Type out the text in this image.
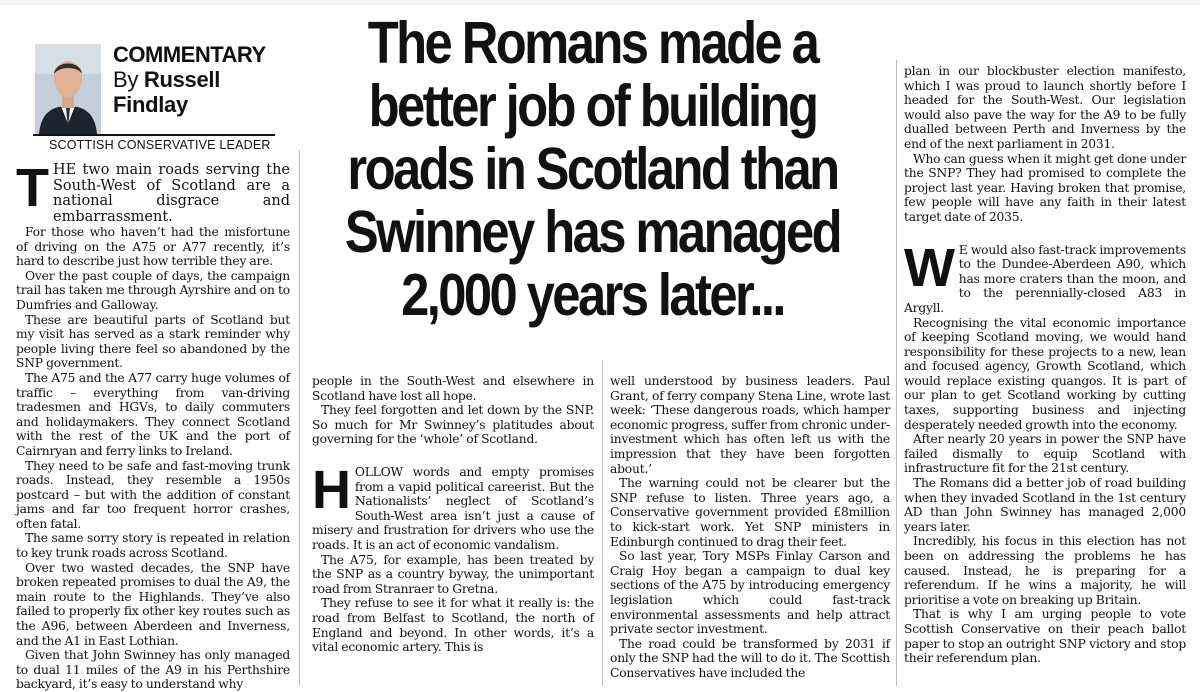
COMMENTARY
By Russell
Findlay
SCOTTISH CONSERVATIVE LEADER
The Romans made a
better job of building
roads in Scotland than
Swinney has managed
2,000 years later...

THE two main roads serving the South-West of Scotland are a national disgrace and embarrassment.

For those who haven’t had the misfortune of driving on the A75 or A77 recently, it’s hard to describe just how terrible they are.

Over the past couple of days, the campaign trail has taken me through Ayrshire and on to Dumfries and Galloway.

These are beautiful parts of Scotland but my visit has served as a stark reminder why people living there feel so abandoned by the SNP government.

The A75 and the A77 carry huge volumes of traffic – everything from van-driving tradesmen and HGVs, to daily commuters and holidaymakers. They connect Scotland with the rest of the UK and the port of Cairnryan and ferry links to Ireland.

They need to be safe and fast-moving trunk roads. Instead, they resemble a 1950s postcard – but with the addition of constant jams and far too frequent horror crashes, often fatal.

The same sorry story is repeated in relation to key trunk roads across Scotland.

Over two wasted decades, the SNP have broken repeated promises to dual the A9, the main route to the Highlands. They’ve also failed to properly fix other key routes such as the A96, between Aberdeen and Inverness, and the A1 in East Lothian.

Given that John Swinney has only managed to dual 11 miles of the A9 in his Perthshire backyard, it’s easy to understand why

people in the South-West and elsewhere in Scotland have lost all hope.

They feel forgotten and let down by the SNP. So much for Mr Swinney’s platitudes about governing for the ‘whole’ of Scotland.

HOLLOW words and empty promises from a vapid political careerist. But the Nationalists’ neglect of Scotland’s South-West area isn’t just a cause of misery and frustration for drivers who use the roads. It is an act of economic vandalism.

The A75, for example, has been treated by the SNP as a country byway, the unimportant road from Stranraer to Gretna.

They refuse to see it for what it really is: the road from Belfast to Scotland, the north of England and beyond. In other words, it’s a vital economic artery. This is

well understood by business leaders. Paul Grant, of ferry company Stena Line, wrote last week: ‘These dangerous roads, which hamper economic progress, suffer from chronic under-investment which has often left us with the impression that they have been forgotten about.’

The warning could not be clearer but the SNP refuse to listen. Three years ago, a Conservative government provided £8million to kick-start work. Yet SNP ministers in Edinburgh continued to drag their feet.

So last year, Tory MSPs Finlay Carson and Craig Hoy began a campaign to dual key sections of the A75 by introducing emergency legislation which could fast-track environmental assessments and help attract private sector investment.

The road could be transformed by 2031 if only the SNP had the will to do it. The Scottish Conservatives have included the

plan in our blockbuster election manifesto, which I was proud to launch shortly before I headed for the South-West. Our legislation would also pave the way for the A9 to be fully dualled between Perth and Inverness by the end of the next parliament in 2031.

Who can guess when it might get done under the SNP? They had promised to complete the project last year. Having broken that promise, few people will have any faith in their latest target date of 2035.

W E would also fast-track improvements to the Dundee-Aberdeen A90, which has more craters than the moon, and to the perennially-closed A83 in Argyll.

Recognising the vital economic importance of keeping Scotland moving, we would hand responsibility for these projects to a new, lean and focused agency, Growth Scotland, which would replace existing quangos. It is part of our plan to get Scotland working by cutting taxes, supporting business and injecting desperately needed growth into the economy.

After nearly 20 years in power the SNP have failed dismally to equip Scotland with infrastructure fit for the 21st century.

The Romans did a better job of road building when they invaded Scotland in the 1st century AD than John Swinney has managed 2,000 years later.

Incredibly, his focus in this election has not been on addressing the problems he has caused. Instead, he is preparing for a referendum. If he wins a majority, he will prioritise a vote on breaking up Britain.

That is why I am urging people to vote Scottish Conservative on their peach ballot paper to stop an outright SNP victory and stop their referendum plan.
